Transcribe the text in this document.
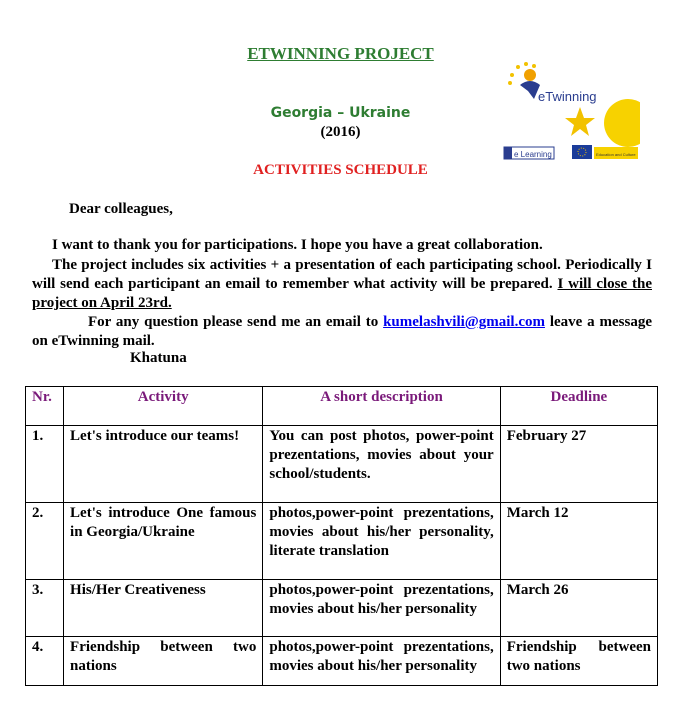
ETWINNING PROJECT
Georgia – Ukraine
(2016)
ACTIVITIES SCHEDULE
eTwinning
e Learning	Education and Culture
Dear colleagues,
I want to thank you for participations. I hope you have a great collaboration.
The project includes six activities + a presentation of each participating school. Periodically I will send each participant an email to remember what activity will be prepared. I will close the project on April 23rd.
For any question please send me an email to kumelashvili@gmail.com leave a message on eTwinning mail.
Khatuna
Nr.	Activity	A short description	Deadline
1.	Let's introduce our teams!	You can post photos, power-point prezentations, movies about your school/students.	February 27
2.	Let's introduce One famous in Georgia/Ukraine	photos,power-point prezentations, movies about his/her personality, literate translation	March 12
3.	His/Her Creativeness	photos,power-point prezentations, movies about his/her personality	March 26
4.	Friendship between two nations	photos,power-point prezentations, movies about his/her personality	Friendship between two nations
